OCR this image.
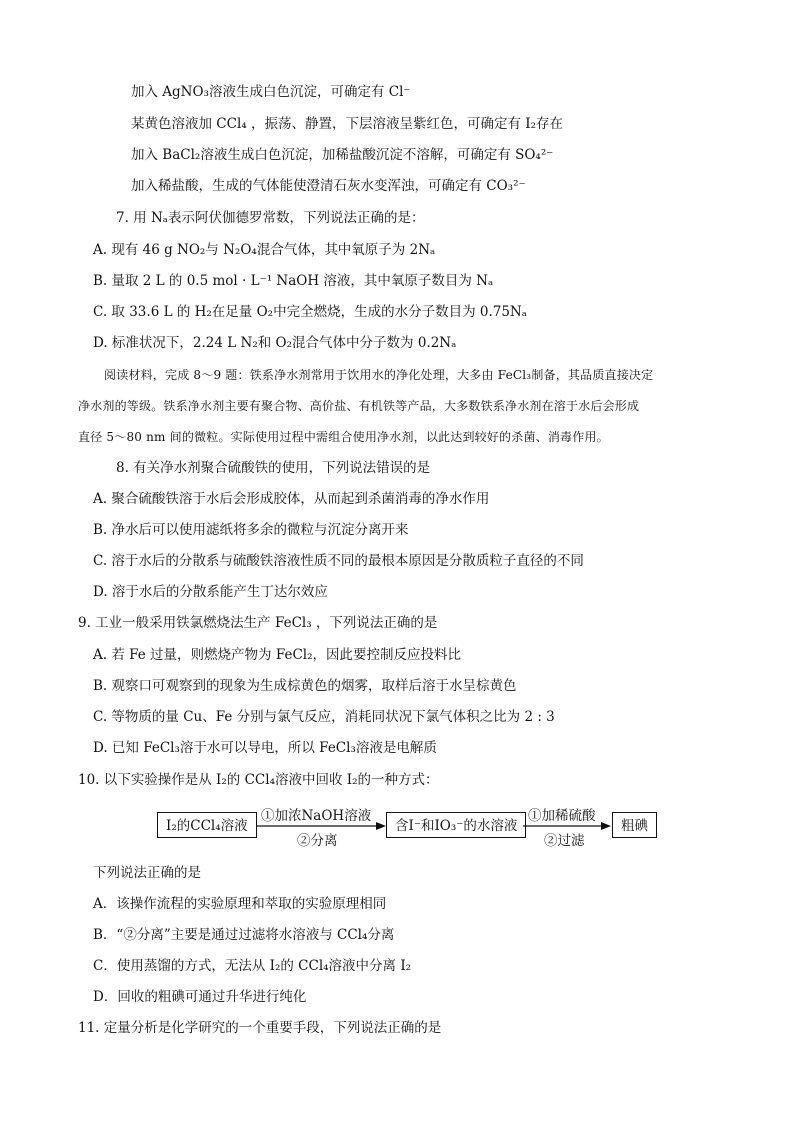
加入 AgNO₃溶液生成白色沉淀，可确定有 Cl⁻
某黄色溶液加 CCl₄ ，振荡、静置，下层溶液呈紫红色，可确定有 I₂存在
加入 BaCl₂溶液生成白色沉淀，加稀盐酸沉淀不溶解，可确定有 SO₄²⁻
加入稀盐酸，生成的气体能使澄清石灰水变浑浊，可确定有 CO₃²⁻
7. 用 Nₐ表示阿伏伽德罗常数，下列说法正确的是：
A. 现有 46 g NO₂与 N₂O₄混合气体，其中氧原子为 2Nₐ
B. 量取 2 L 的 0.5 mol · L⁻¹ NaOH 溶液，其中氧原子数目为 Nₐ
C. 取 33.6 L 的 H₂在足量 O₂中完全燃烧，生成的水分子数目为 0.75Nₐ
D. 标准状况下，2.24 L N₂和 O₂混合气体中分子数为 0.2Nₐ
阅读材料，完成 8～9 题：铁系净水剂常用于饮用水的净化处理，大多由 FeCl₃制备，其品质直接决定
净水剂的等级。铁系净水剂主要有聚合物、高价盐、有机铁等产品，大多数铁系净水剂在溶于水后会形成
直径 5～80 nm 间的微粒。实际使用过程中需组合使用净水剂，以此达到较好的杀菌、消毒作用。
8. 有关净水剂聚合硫酸铁的使用，下列说法错误的是
A. 聚合硫酸铁溶于水后会形成胶体，从而起到杀菌消毒的净水作用
B. 净水后可以使用滤纸将多余的微粒与沉淀分离开来
C. 溶于水后的分散系与硫酸铁溶液性质不同的最根本原因是分散质粒子直径的不同
D. 溶于水后的分散系能产生丁达尔效应
9. 工业一般采用铁氯燃烧法生产 FeCl₃ ，下列说法正确的是
A. 若 Fe 过量，则燃烧产物为 FeCl₂，因此要控制反应投料比
B. 观察口可观察到的现象为生成棕黄色的烟雾，取样后溶于水呈棕黄色
C. 等物质的量 Cu、Fe 分别与氯气反应，消耗同状况下氯气体积之比为 2 : 3
D. 已知 FeCl₃溶于水可以导电，所以 FeCl₃溶液是电解质
10. 以下实验操作是从 I₂的 CCl₄溶液中回收 I₂的一种方式：
I₂的CCl₄溶液
①加浓NaOH溶液
②分离
含I⁻和IO₃⁻的水溶液
①加稀硫酸
②过滤
粗碘
下列说法正确的是
A．该操作流程的实验原理和萃取的实验原理相同
B．“②分离”主要是通过过滤将水溶液与 CCl₄分离
C．使用蒸馏的方式，无法从 I₂的 CCl₄溶液中分离 I₂
D．回收的粗碘可通过升华进行纯化
11. 定量分析是化学研究的一个重要手段，下列说法正确的是
